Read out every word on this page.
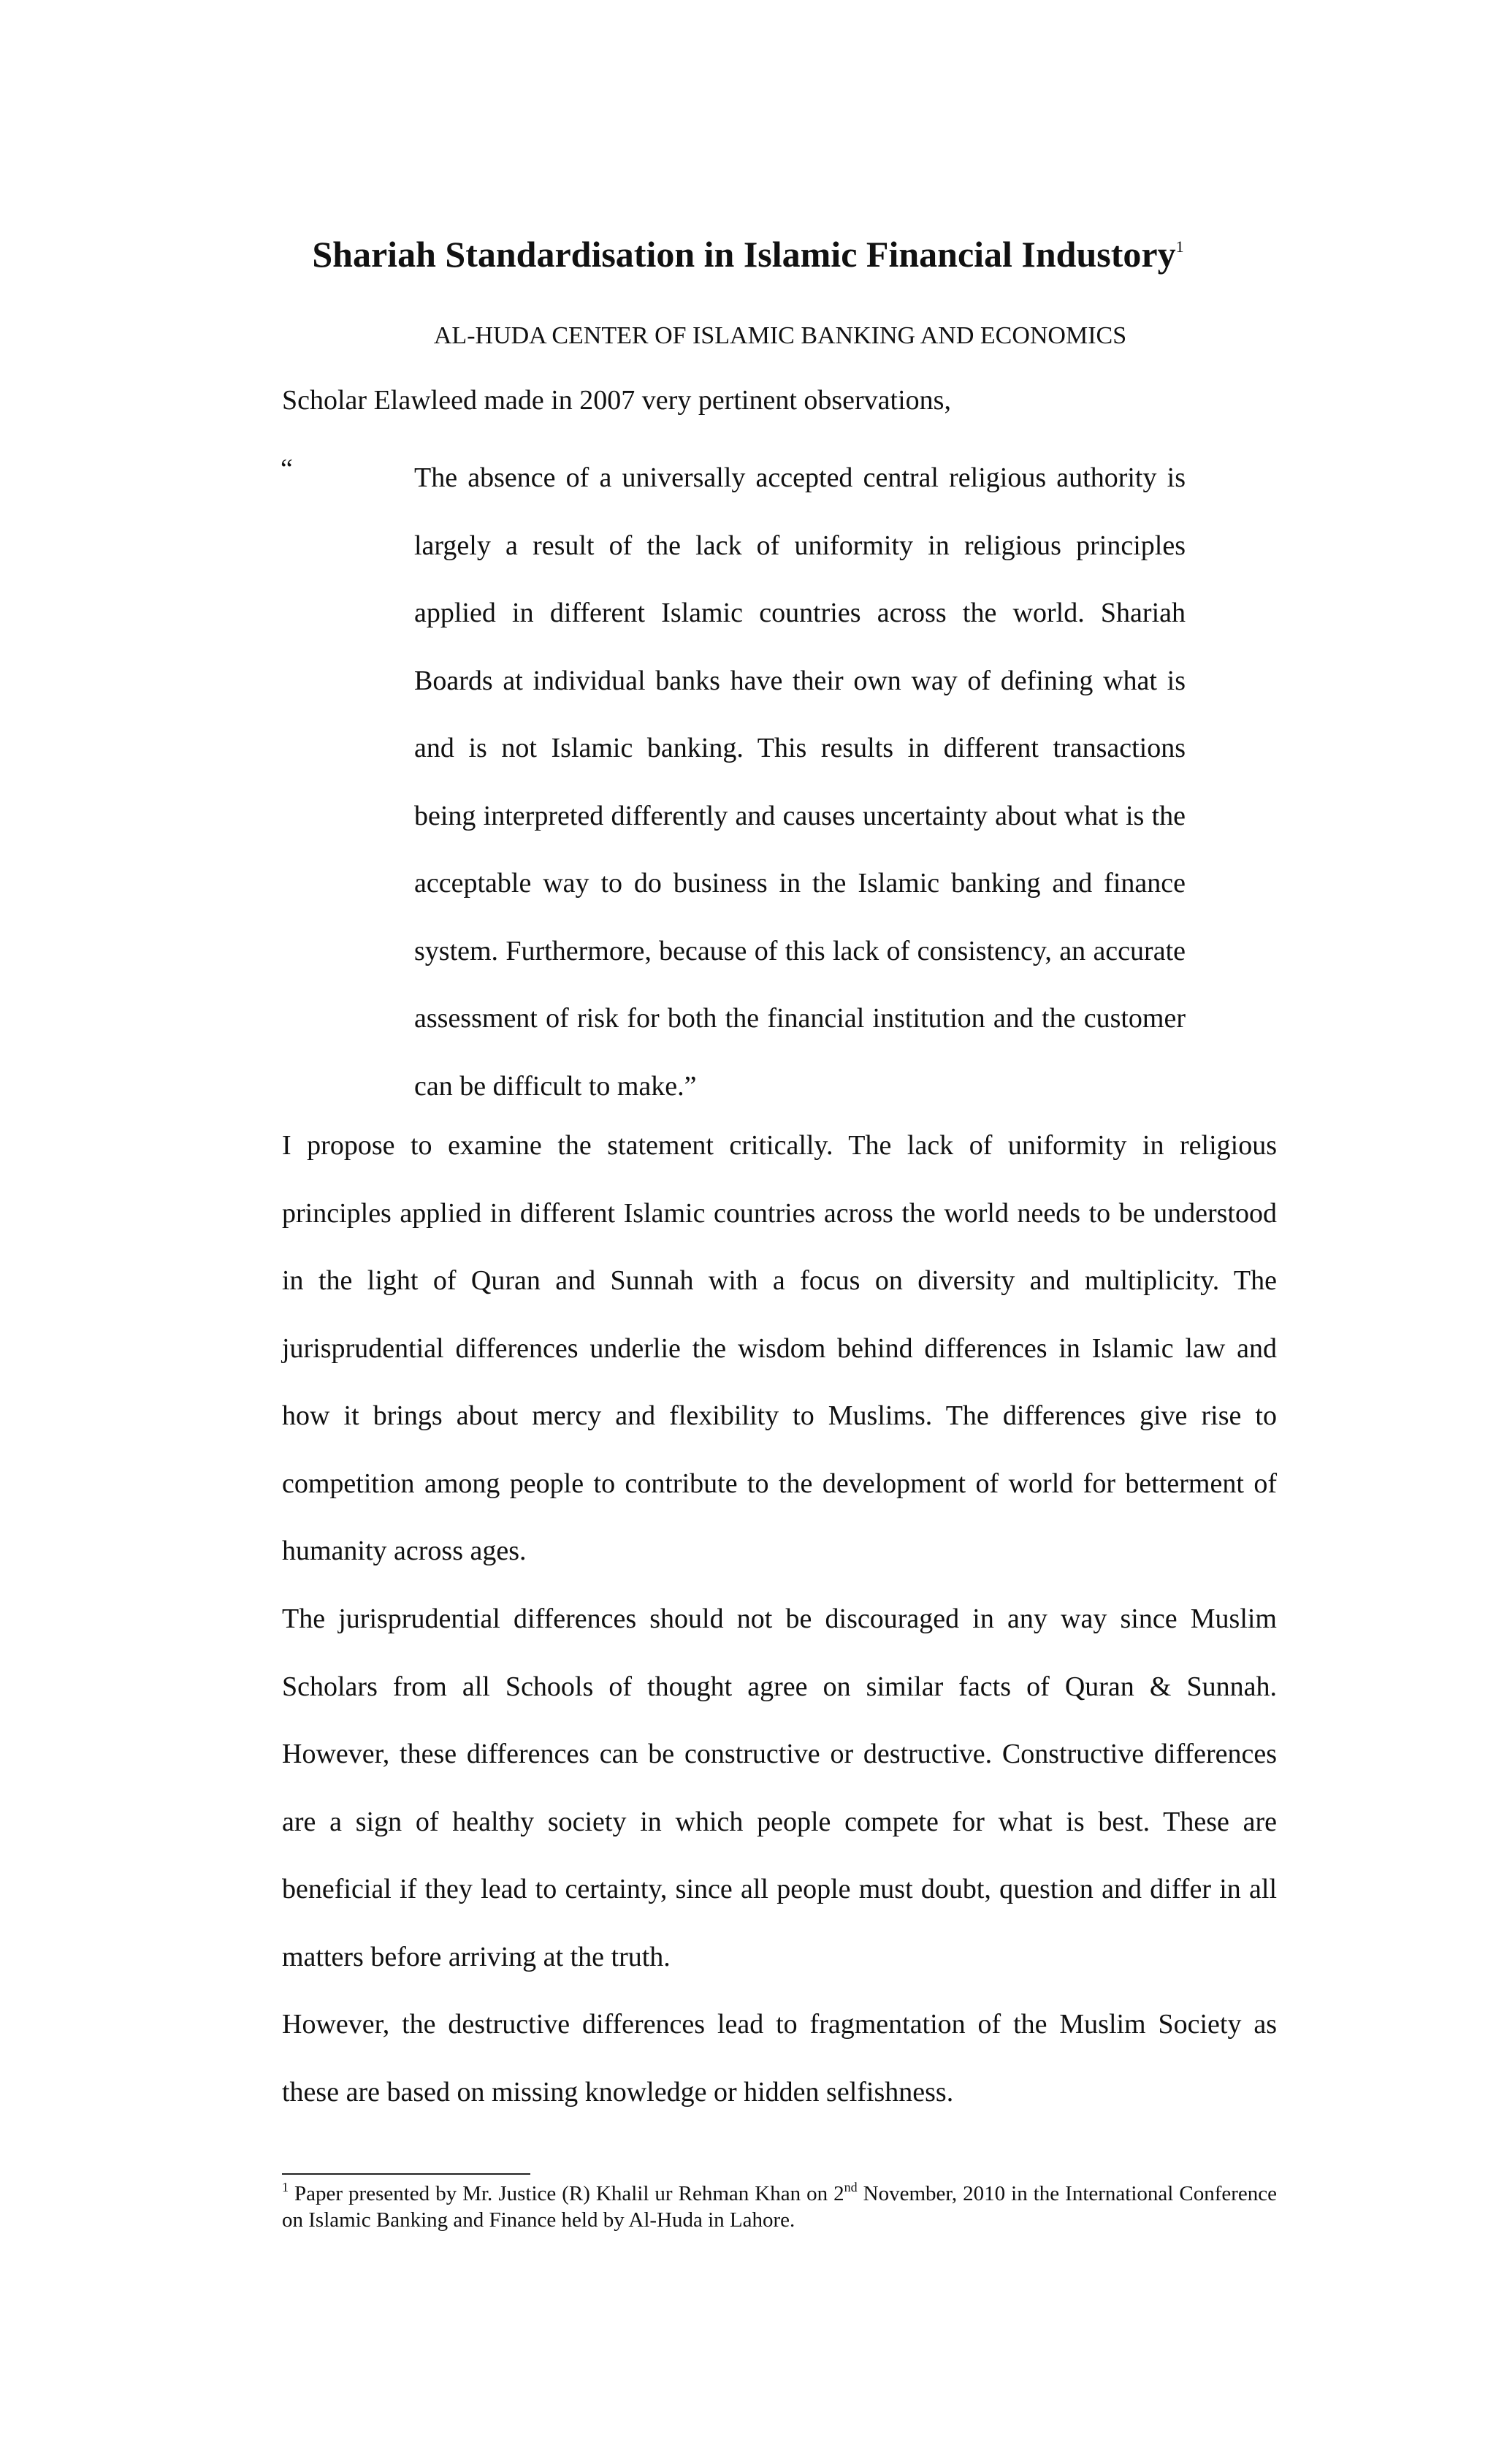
Shariah Standardisation in Islamic Financial Industory$^1$

AL-HUDA CENTER OF ISLAMIC BANKING AND ECONOMICS

Scholar Elawleed made in 2007 very pertinent observations,

“	The absence of a universally accepted central religious authority is largely a result of the lack of uniformity in religious principles applied in different Islamic countries across the world. Shariah Boards at individual banks have their own way of defining what is and is not Islamic banking. This results in different transactions being interpreted differently and causes uncertainty about what is the acceptable way to do business in the Islamic banking and finance system. Furthermore, because of this lack of consistency, an accurate assessment of risk for both the financial institution and the customer can be difficult to make.”

I propose to examine the statement critically. The lack of uniformity in religious principles applied in different Islamic countries across the world needs to be understood in the light of Quran and Sunnah with a focus on diversity and multiplicity. The jurisprudential differences underlie the wisdom behind differences in Islamic law and how it brings about mercy and flexibility to Muslims. The differences give rise to competition among people to contribute to the development of world for betterment of humanity across ages.

The jurisprudential differences should not be discouraged in any way since Muslim Scholars from all Schools of thought agree on similar facts of Quran & Sunnah. However, these differences can be constructive or destructive. Constructive differences are a sign of healthy society in which people compete for what is best. These are beneficial if they lead to certainty, since all people must doubt, question and differ in all matters before arriving at the truth.

However, the destructive differences lead to fragmentation of the Muslim Society as these are based on missing knowledge or hidden selfishness.

$^1$ Paper presented by Mr. Justice (R) Khalil ur Rehman Khan on 2nd November, 2010 in the International Conference on Islamic Banking and Finance held by Al-Huda in Lahore.
